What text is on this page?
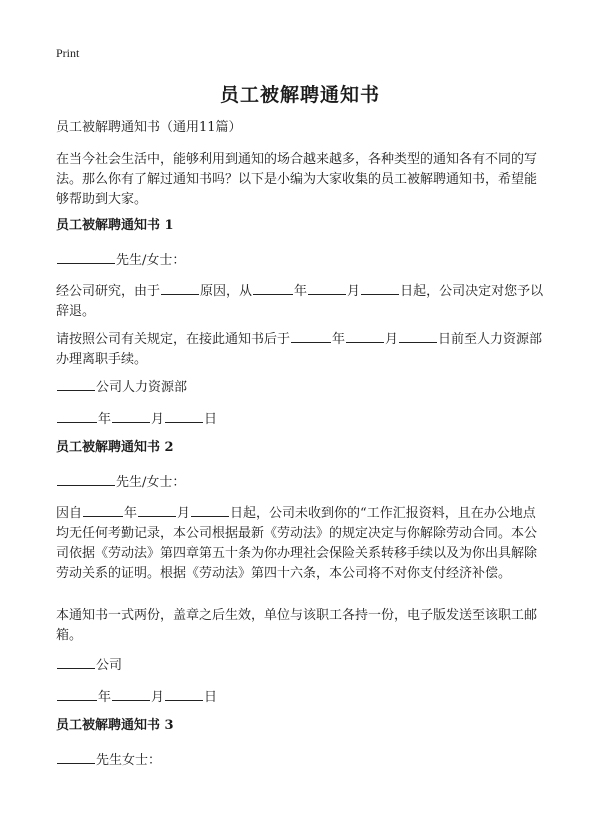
Print
员工被解聘通知书

员工被解聘通知书（通用11篇）

在当今社会生活中，能够利用到通知的场合越来越多，各种类型的通知各有不同的写法。那么你有了解过通知书吗？以下是小编为大家收集的员工被解聘通知书，希望能够帮助到大家。

员工被解聘通知书 1

先生/女士：

经公司研究，由于	原因，从	年	月	日起，公司决定对您予以辞退。

请按照公司有关规定，在接此通知书后于	年	月	日前至人力资源部办理离职手续。

公司人力资源部

年	月	日

员工被解聘通知书 2

先生/女士：

因自	年	月	日起，公司未收到你的“工作汇报资料，且在办公地点均无任何考勤记录，本公司根据最新《劳动法》的规定决定与你解除劳动合同。本公司依据《劳动法》第四章第五十条为你办理社会保险关系转移手续以及为你出具解除劳动关系的证明。根据《劳动法》第四十六条，本公司将不对你支付经济补偿。

本通知书一式两份，盖章之后生效，单位与该职工各持一份，电子版发送至该职工邮箱。

公司

年	月	日

员工被解聘通知书 3

先生女士：
